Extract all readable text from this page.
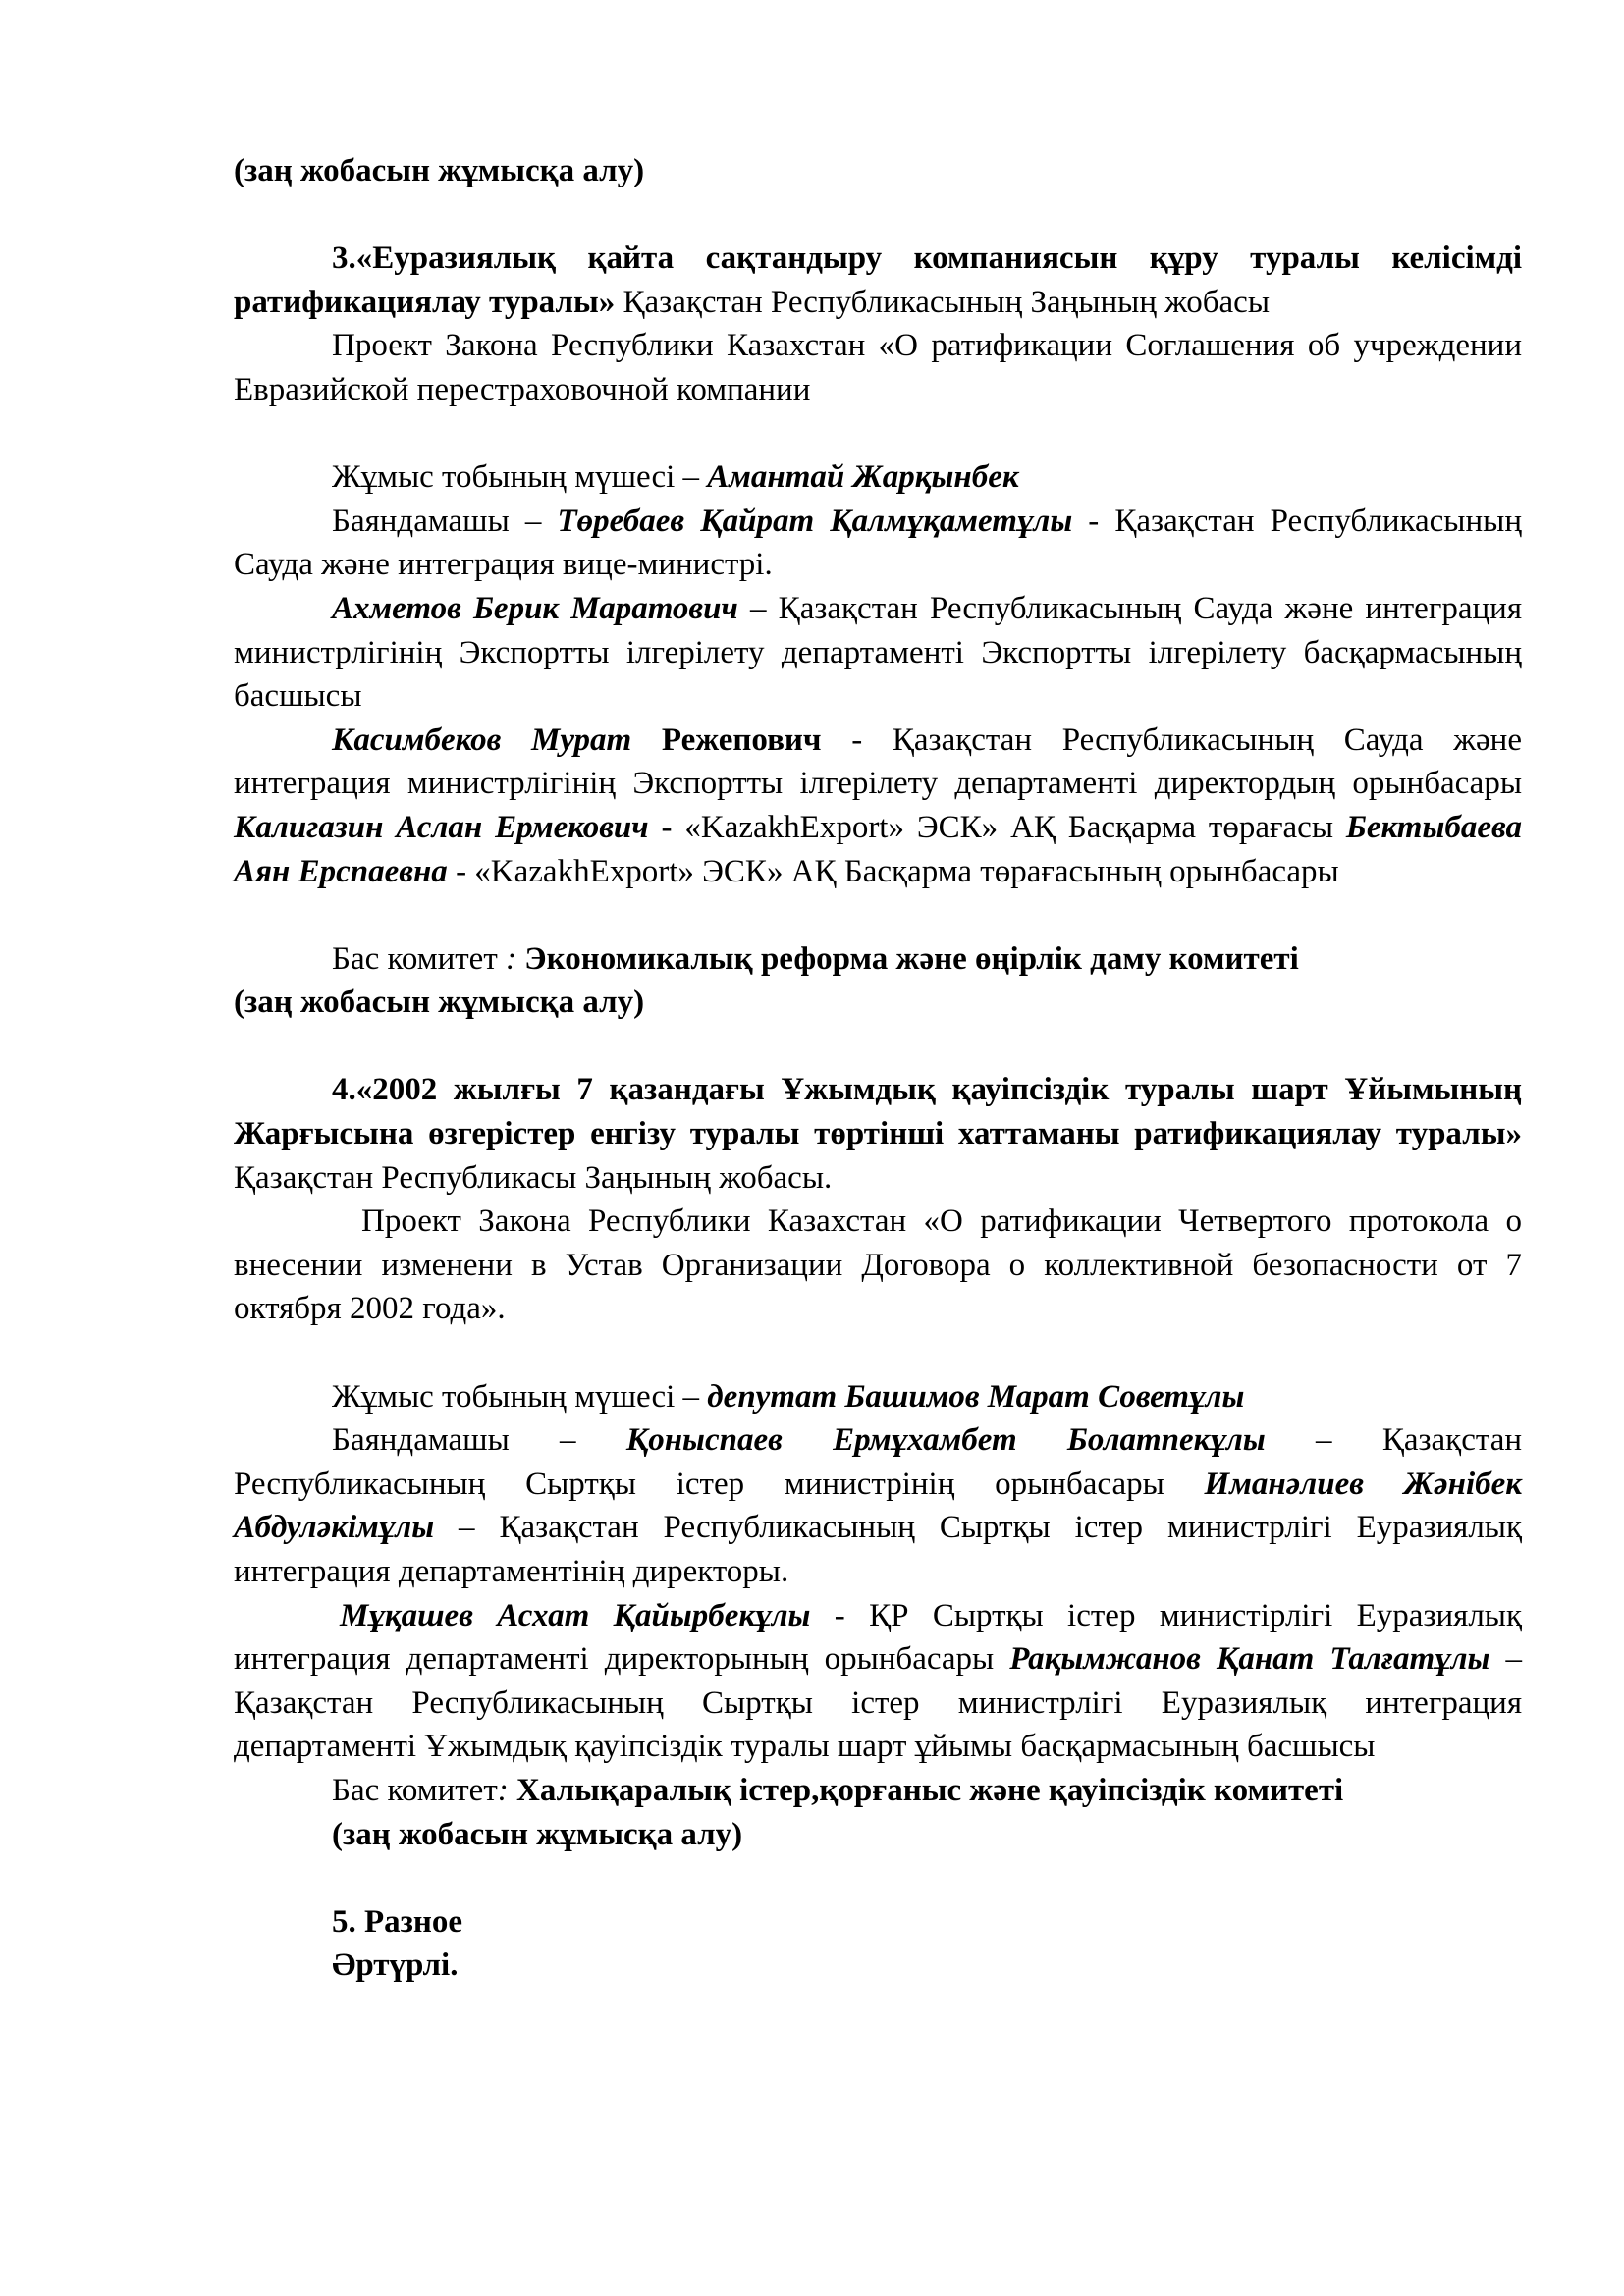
(заң жобасын жұмысқа алу)

3.«Еуразиялық қайта сақтандыру компаниясын құру туралы келісімді ратификациялау туралы» Қазақстан Республикасының Заңының жобасы

Проект Закона Республики Казахстан «О ратификации Соглашения об учреждении Евразийской перестраховочной компании

Жұмыс тобының мүшесі – Амантай Жарқынбек

Баяндамашы – Төребаев Қайрат Қалмұқаметұлы - Қазақстан Республикасының Сауда және интеграция вице-министрі.

Ахметов Берик Маратович – Қазақстан Республикасының Сауда және интеграция министрлігінің Экспортты ілгерілету департаменті Экспортты ілгерілету басқармасының басшысы

Касимбеков Мурат Режепович - Қазақстан Республикасының Сауда және интеграция министрлігінің Экспортты ілгерілету департаменті директордың орынбасары Калигазин Аслан Ермекович - «KazakhExport» ЭСК» АҚ Басқарма төрағасы Бектыбаева Аян Ерспаевна - «KazakhExport» ЭСК» АҚ Басқарма төрағасының орынбасары

Бас комитет : Экономикалық реформа және өңірлік даму комитеті

(заң жобасын жұмысқа алу)

4.«2002 жылғы 7 қазандағы Ұжымдық қауіпсіздік туралы шарт Ұйымының Жарғысына өзгерістер енгізу туралы төртінші хаттаманы ратификациялау туралы» Қазақстан Республикасы Заңының жобасы.

Проект Закона Республики Казахстан «О ратификации Четвертого протокола о внесении изменени в Устав Организации Договора о коллективной безопасности от 7 октября 2002 года».

Жұмыс тобының мүшесі – депутат Башимов Марат Советұлы

Баяндамашы – Қоныспаев Ермұхамбет Болатпекұлы – Қазақстан Республикасының Сыртқы істер министрінің орынбасары Иманәлиев Жәнібек Абдуләкімұлы – Қазақстан Республикасының Сыртқы істер министрлігі Еуразиялық интеграция департаментінің директоры.

Мұқашев Асхат Қайырбекұлы - ҚР Сыртқы істер министірлігі Еуразиялық интеграция департаменті директорының орынбасары Рақымжанов Қанат Талғатұлы – Қазақстан Республикасының Сыртқы істер министрлігі Еуразиялық интеграция департаменті Ұжымдық қауіпсіздік туралы шарт ұйымы басқармасының басшысы

Бас комитет: Халықаралық істер,қорғаныс және қауіпсіздік комитеті

(заң жобасын жұмысқа алу)

5. Разное

Әртүрлі.
